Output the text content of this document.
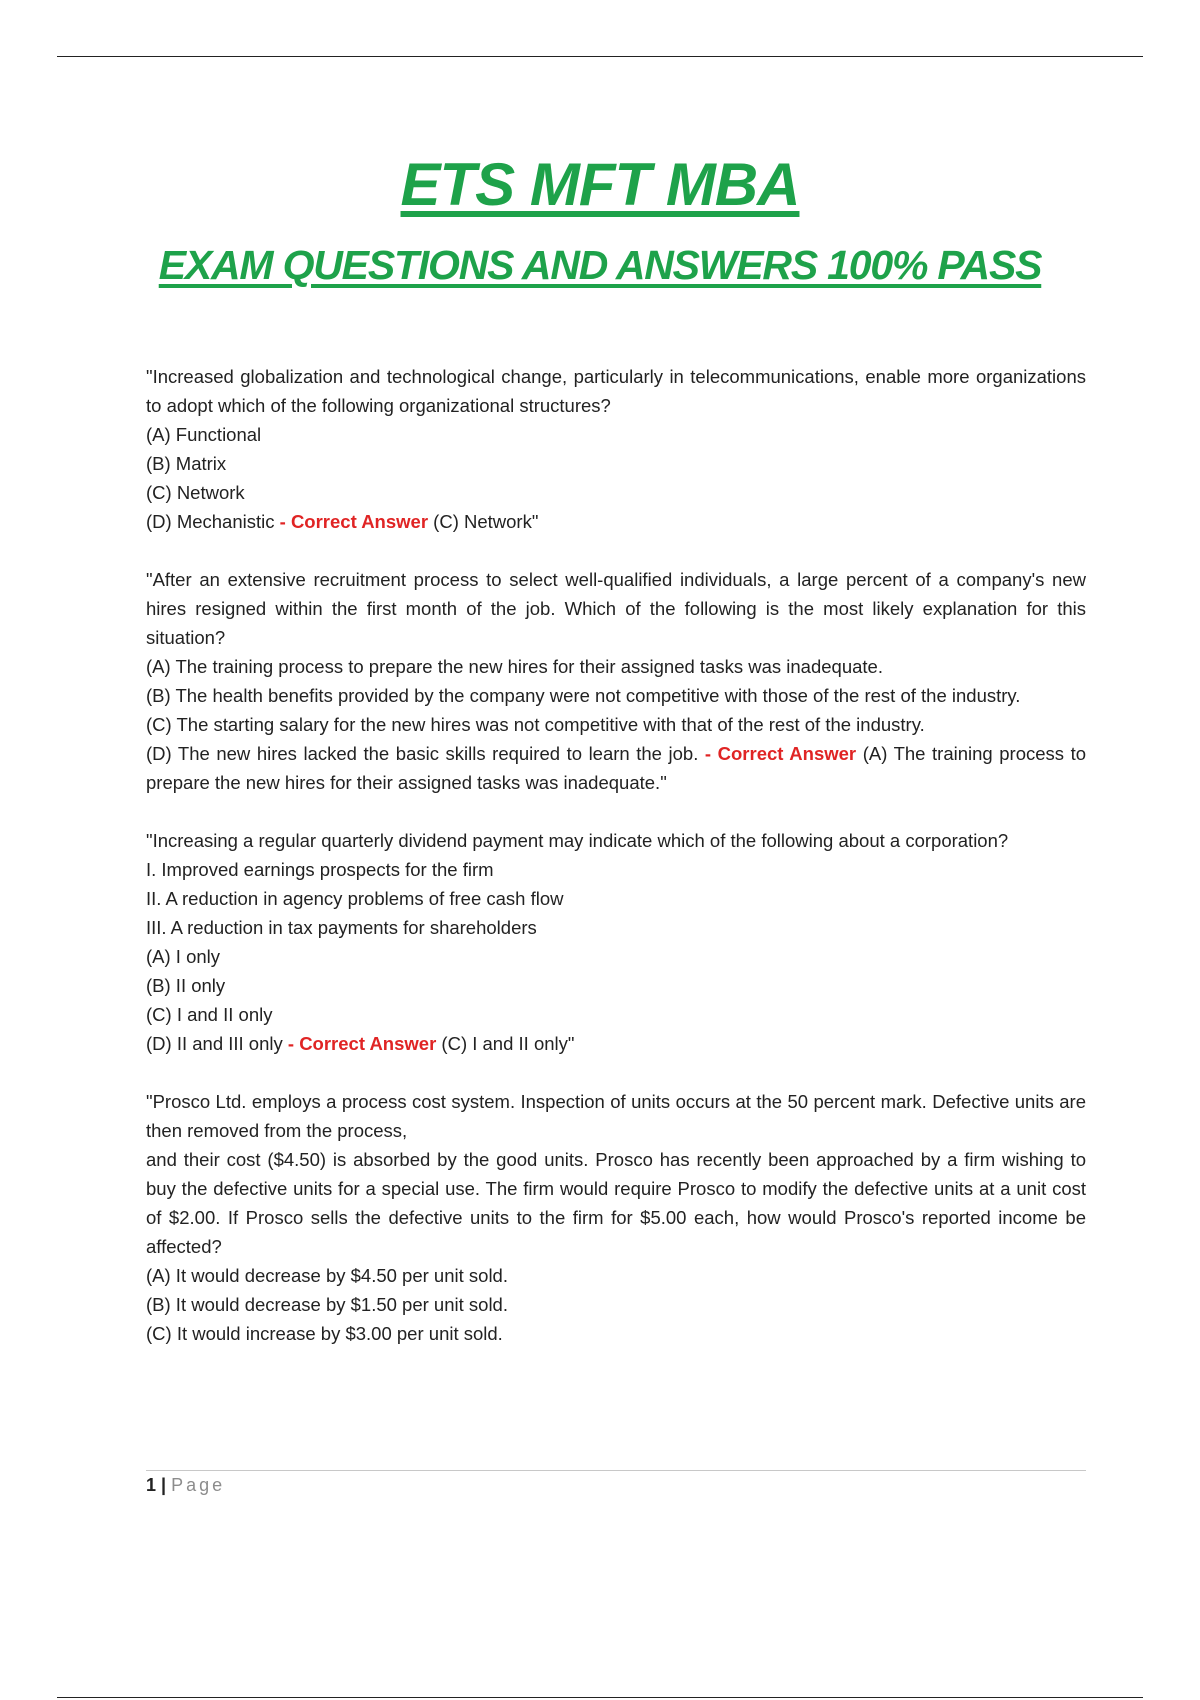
ETS MFT MBA
EXAM QUESTIONS AND ANSWERS 100% PASS

"Increased globalization and technological change, particularly in telecommunications, enable more organizations to adopt which of the following organizational structures?

(A) Functional

(B) Matrix

(C) Network

(D) Mechanistic - Correct Answer (C) Network"

"After an extensive recruitment process to select well-qualified individuals, a large percent of a company's new hires resigned within the first month of the job. Which of the following is the most likely explanation for this situation?

(A) The training process to prepare the new hires for their assigned tasks was inadequate.

(B) The health benefits provided by the company were not competitive with those of the rest of the industry.

(C) The starting salary for the new hires was not competitive with that of the rest of the industry.

(D) The new hires lacked the basic skills required to learn the job. - Correct Answer (A) The training process to prepare the new hires for their assigned tasks was inadequate."

"Increasing a regular quarterly dividend payment may indicate which of the following about a corporation?

I. Improved earnings prospects for the firm

II. A reduction in agency problems of free cash flow

III. A reduction in tax payments for shareholders

(A) I only

(B) II only

(C) I and II only

(D) II and III only - Correct Answer (C) I and II only"

"Prosco Ltd. employs a process cost system. Inspection of units occurs at the 50 percent mark. Defective units are then removed from the process,

and their cost ($4.50) is absorbed by the good units. Prosco has recently been approached by a firm wishing to buy the defective units for a special use. The firm would require Prosco to modify the defective units at a unit cost of $2.00. If Prosco sells the defective units to the firm for $5.00 each, how would Prosco's reported income be affected?

(A) It would decrease by $4.50 per unit sold.

(B) It would decrease by $1.50 per unit sold.

(C) It would increase by $3.00 per unit sold.

1 | Page
